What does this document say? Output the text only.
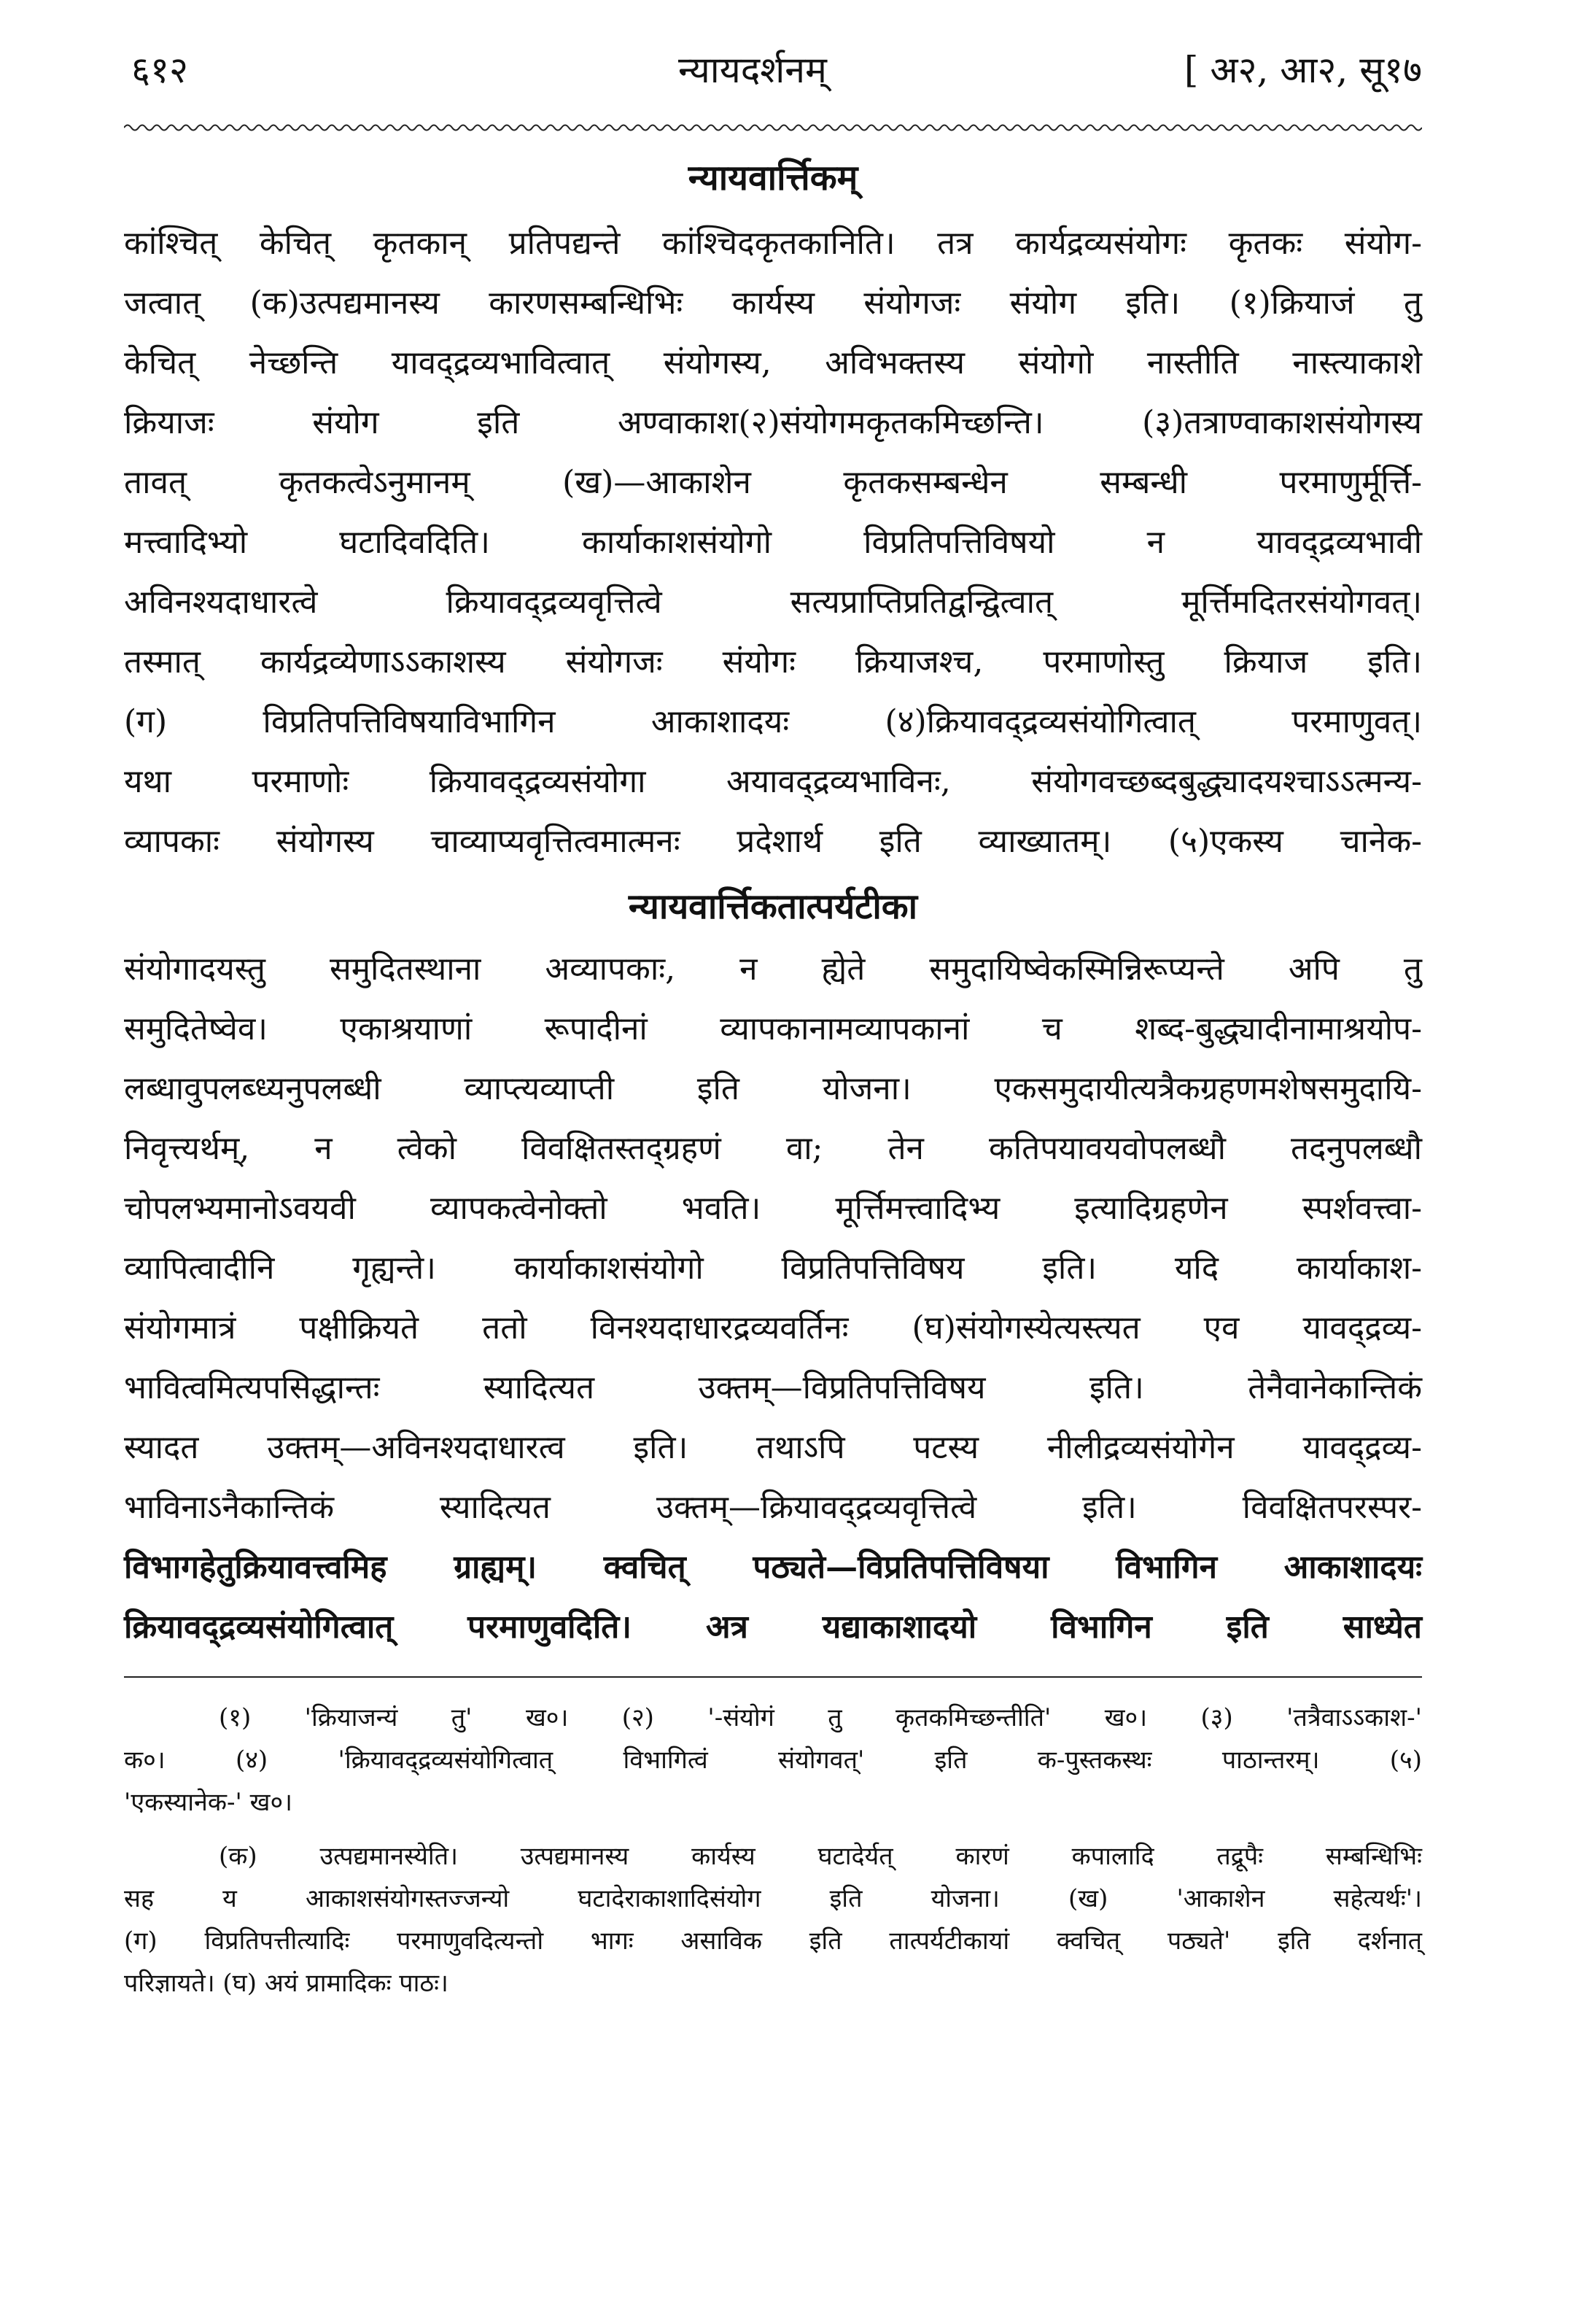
६१२	न्यायदर्शनम्	[ अ२, आ२, सू१७
न्यायवार्त्तिकम्
कांश्चित् केचित् कृतकान् प्रतिपद्यन्ते कांश्चिदकृतकानिति। तत्र कार्यद्रव्यसंयोगः कृतकः संयोग-
जत्वात् (क)उत्पद्यमानस्य कारणसम्बन्धिभिः कार्यस्य संयोगजः संयोग इति। (१)क्रियाजं तु
केचित् नेच्छन्ति यावद्द्रव्यभावित्वात् संयोगस्य, अविभक्तस्य संयोगो नास्तीति नास्त्याकाशे
क्रियाजः संयोग इति अण्वाकाश(२)संयोगमकृतकमिच्छन्ति। (३)तत्राण्वाकाशसंयोगस्य
तावत् कृतकत्वेऽनुमानम् (ख)—आकाशेन कृतकसम्बन्धेन सम्बन्धी परमाणुर्मूर्त्ति-
मत्त्वादिभ्यो घटादिवदिति। कार्याकाशसंयोगो विप्रतिपत्तिविषयो न यावद्द्रव्यभावी
अविनश्यदाधारत्वे क्रियावद्द्रव्यवृत्तित्वे सत्यप्राप्तिप्रतिद्वन्द्वित्वात् मूर्त्तिमदितरसंयोगवत्।
तस्मात् कार्यद्रव्येणाऽऽकाशस्य संयोगजः संयोगः क्रियाजश्च, परमाणोस्तु क्रियाज इति।
(ग) विप्रतिपत्तिविषयाविभागिन आकाशादयः (४)क्रियावद्द्रव्यसंयोगित्वात् परमाणुवत्।
यथा परमाणोः क्रियावद्द्रव्यसंयोगा अयावद्द्रव्यभाविनः, संयोगवच्छब्दबुद्ध्यादयश्चाऽऽत्मन्य-
व्यापकाः संयोगस्य चाव्याप्यवृत्तित्वमात्मनः प्रदेशार्थ इति व्याख्यातम्। (५)एकस्य चानेक-
न्यायवार्त्तिकतात्पर्यटीका
संयोगादयस्तु समुदितस्थाना अव्यापकाः, न ह्येते समुदायिष्वेकस्मिन्निरूप्यन्ते अपि तु
समुदितेष्वेव। एकाश्रयाणां रूपादीनां व्यापकानामव्यापकानां च शब्द-बुद्ध्यादीनामाश्रयोप-
लब्धावुपलब्ध्यनुपलब्धी व्याप्त्यव्याप्ती इति योजना। एकसमुदायीत्यत्रैकग्रहणमशेषसमुदायि-
निवृत्त्यर्थम्, न त्वेको विवक्षितस्तद्ग्रहणं वा; तेन कतिपयावयवोपलब्धौ तदनुपलब्धौ
चोपलभ्यमानोऽवयवी व्यापकत्वेनोक्तो भवति। मूर्त्तिमत्त्वादिभ्य इत्यादिग्रहणेन स्पर्शवत्त्वा-
व्यापित्वादीनि गृह्यन्ते। कार्याकाशसंयोगो विप्रतिपत्तिविषय इति। यदि कार्याकाश-
संयोगमात्रं पक्षीक्रियते ततो विनश्यदाधारद्रव्यवर्तिनः (घ)संयोगस्येत्यस्त्यत एव यावद्द्रव्य-
भावित्वमित्यपसिद्धान्तः स्यादित्यत उक्तम्—विप्रतिपत्तिविषय इति। तेनैवानेकान्तिकं
स्यादत उक्तम्—अविनश्यदाधारत्व इति। तथाऽपि पटस्य नीलीद्रव्यसंयोगेन यावद्द्रव्य-
भाविनाऽनैकान्तिकं स्यादित्यत उक्तम्—क्रियावद्द्रव्यवृत्तित्वे इति। विवक्षितपरस्पर-
विभागहेतुक्रियावत्त्वमिह ग्राह्यम्। क्वचित् पठ्यते—विप्रतिपत्तिविषया विभागिन आकाशादयः
क्रियावद्द्रव्यसंयोगित्वात् परमाणुवदिति। अत्र यद्याकाशादयो विभागिन इति साध्येत
(१) 'क्रियाजन्यं तु' ख०। (२) '-संयोगं तु कृतकमिच्छन्तीति' ख०। (३) 'तत्रैवाऽऽकाश-'
क०। (४) 'क्रियावद्द्रव्यसंयोगित्वात् विभागित्वं संयोगवत्' इति क-पुस्तकस्थः पाठान्तरम्। (५)
'एकस्यानेक-' ख०।
(क) उत्पद्यमानस्येति। उत्पद्यमानस्य कार्यस्य घटादेर्यत् कारणं कपालादि तद्रूपैः सम्बन्धिभिः
सह य आकाशसंयोगस्तज्जन्यो घटादेराकाशादिसंयोग इति योजना। (ख) 'आकाशेन सहेत्यर्थः'।
(ग) विप्रतिपत्तीत्यादिः परमाणुवदित्यन्तो भागः असाविक इति तात्पर्यटीकायां क्वचित् पठ्यते' इति दर्शनात्
परिज्ञायते। (घ) अयं प्रामादिकः पाठः।
